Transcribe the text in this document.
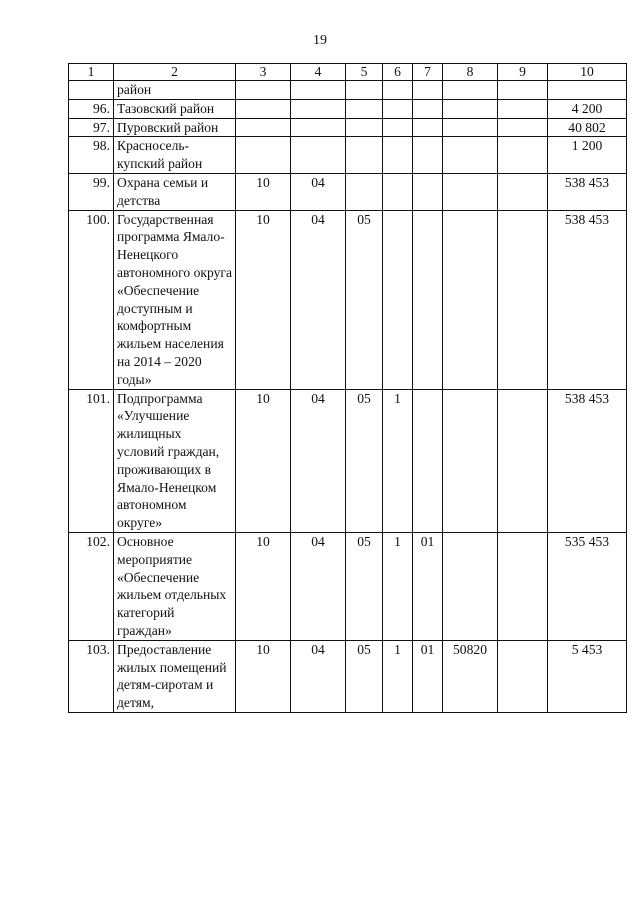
19
1	2	3	4	5	6	7	8	9	10
	район								
96.	Тазовский район								4 200
97.	Пуровский район								40 802
98.	Красносель-купский район								1 200
99.	Охрана семьи и детства	10	04						538 453
100.	Государственная программа Ямало-Ненецкого автономного округа «Обеспечение доступным и комфортным жильем населения на 2014 – 2020 годы»	10	04	05					538 453
101.	Подпрограмма «Улучшение жилищных условий граждан, проживающих в Ямало-Ненецком автономном округе»	10	04	05	1				538 453
102.	Основное мероприятие «Обеспечение жильем отдельных категорий граждан»	10	04	05	1	01			535 453
103.	Предоставление жилых помещений детям-сиротам и детям,	10	04	05	1	01	50820		5 453
